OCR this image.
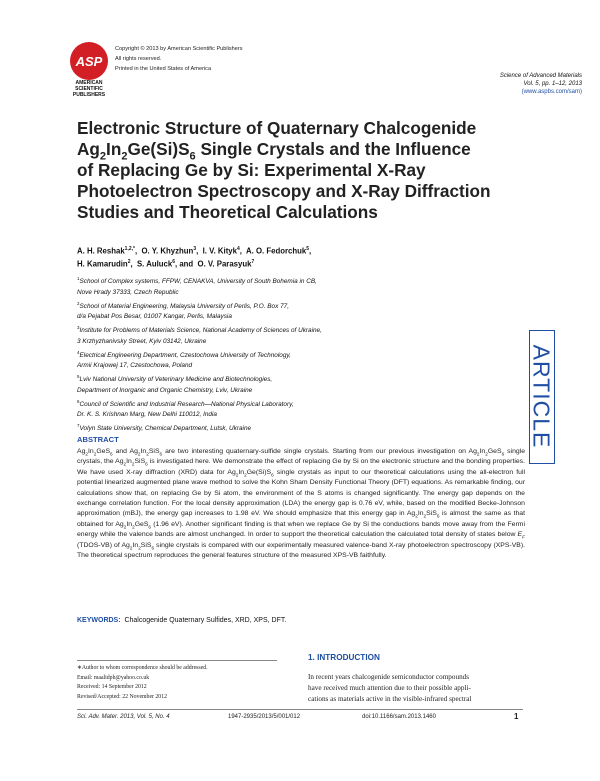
ASP
AMERICAN
SCIENTIFIC
PUBLISHERS
Copyright © 2013 by American Scientific Publishers
All rights reserved.
Printed in the United States of America
Science of Advanced Materials
Vol. 5, pp. 1–12, 2013
(www.aspbs.com/sam)
Electronic Structure of Quaternary Chalcogenide
$Ag_2In_2Ge(Si)S_6$ Single Crystals and the Influence
of Replacing Ge by Si: Experimental X-Ray
Photoelectron Spectroscopy and X-Ray Diffraction
Studies and Theoretical Calculations
A. H. Reshak$^{1,2,*}$,  O. Y. Khyzhun$^3$,  I. V. Kityk$^4$,  A. O. Fedorchuk$^5$,
H. Kamarudin$^2$,  S. Auluck$^6$, and  O. V. Parasyuk$^7$
$^1$School of Complex systems, FFPW, CENAKVA, University of South Bohemia in CB,
Nove Hrady 37333, Czech Republic
$^2$School of Material Engineering, Malaysia University of Perlis, P.O. Box 77,
d/a Pejabat Pos Besar, 01007 Kangar, Perlis, Malaysia
$^3$Institute for Problems of Materials Science, National Academy of Sciences of Ukraine,
3 Krzhyzhanivsky Street, Kyiv 03142, Ukraine
$^4$Electrical Engineering Department, Czestochowa University of Technology,
Armii Krajowej 17, Czestochowa, Poland
$^5$Lviv National University of Veterinary Medicine and Biotechnologies,
Department of Inorganic and Organic Chemistry, Lviv, Ukraine
$^6$Council of Scientific and Industrial Research—National Physical Laboratory,
Dr. K. S. Krishnan Marg, New Delhi 110012, India
$^7$Volyn State University, Chemical Department, Lutsk, Ukraine	ARTICLE
ABSTRACT
$Ag_2In_2GeS_6$ and $Ag_2In_2SiS_6$ are two interesting quaternary-sulfide single crystals. Starting from our previous investigation on $Ag_2In_2GeS_6$ single crystals, the $Ag_2In_2SiS_6$ is investigated here. We demonstrate the effect of replacing Ge by Si on the electronic structure and the bonding properties. We have used X-ray diffraction (XRD) data for $Ag_2In_2Ge(Si)S_6$ single crystals as input to our theoretical calculations using the all-electron full potential linearized augmented plane wave method to solve the Kohn Sham Density Functional Theory (DFT) equations. As remarkable finding, our calculations show that, on replacing Ge by Si atom, the environment of the S atoms is changed significantly. The energy gap depends on the exchange correlation function. For the local density approximation (LDA) the energy gap is 0.76 eV, while, based on the modified Becke-Johnson approximation (mBJ), the energy gap increases to 1.98 eV. We should emphasize that this energy gap in $Ag_2In_2SiS_6$ is almost the same as that obtained for $Ag_2In_2GeS_6$ (1.96 eV). Another significant finding is that when we replace Ge by Si the conductions bands move away from the Fermi energy while the valence bands are almost unchanged. In order to support the theoretical calculation the calculated total density of states below $E_F$ (TDOS-VB) of $Ag_2In_2SiS_6$ single crystals is compared with our experimentally measured valence-band X-ray photoelectron spectroscopy (XPS-VB). The theoretical spectrum reproduces the general features structure of the measured XPS-VB faithfully.
KEYWORDS: Chalcogenide Quaternary Sulfides, XRD, XPS, DFT.
∗Author to whom correspondence should be addressed.
Email: maalidph@yahoo.co.uk
Received: 14 September 2012
Revised/Accepted: 22 November 2012
1. INTRODUCTION
In recent years chalcogenide semiconductor compounds
have received much attention due to their possible appli-
cations as materials active in the visible-infrared spectral
Sci. Adv. Mater. 2013, Vol. 5, No. 4	1947-2935/2013/5/001/012	doi:10.1166/sam.2013.1460	1
